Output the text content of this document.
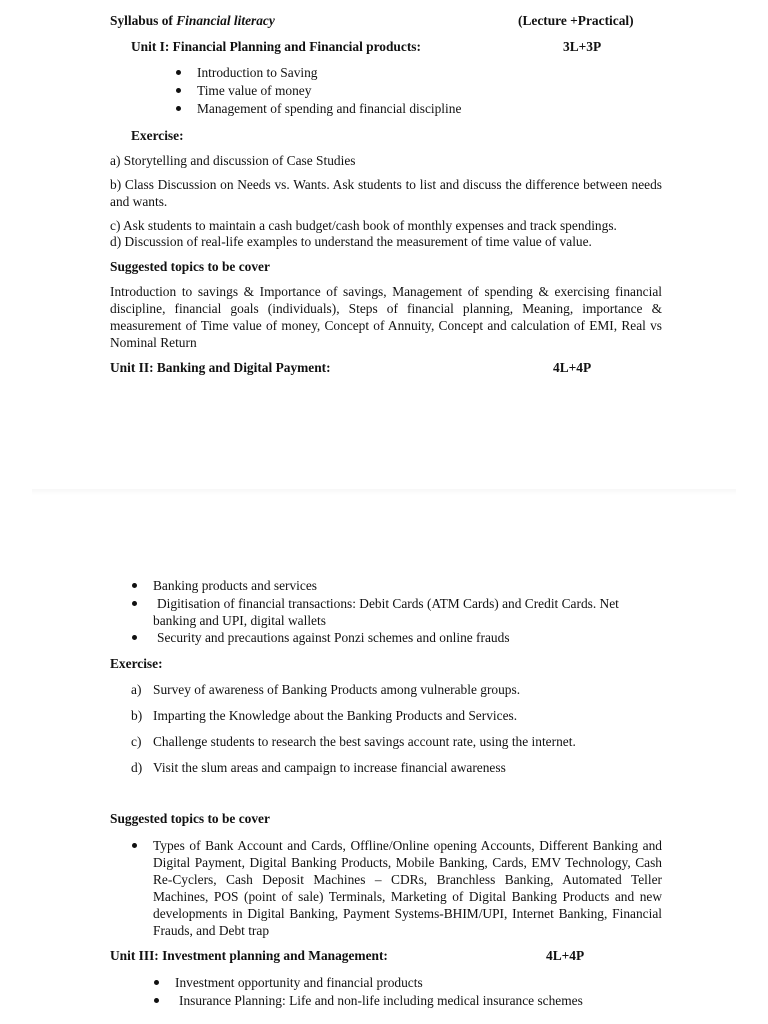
Syllabus of Financial literacy	(Lecture +Practical)
Unit I: Financial Planning and Financial products:	3L+3P
Introduction to Saving
Time value of money
Management of spending and financial discipline
Exercise:
a) Storytelling and discussion of Case Studies
b) Class Discussion on Needs vs. Wants. Ask students to list and discuss the difference between needs and wants.
c) Ask students to maintain a cash budget/cash book of monthly expenses and track spendings.
d) Discussion of real-life examples to understand the measurement of time value of value.
Suggested topics to be cover
Introduction to savings & Importance of savings, Management of spending & exercising financial discipline, financial goals (individuals), Steps of financial planning, Meaning, importance & measurement of Time value of money, Concept of Annuity, Concept and calculation of EMI, Real vs Nominal Return
Unit II: Banking and Digital Payment:	4L+4P
Banking products and services
Digitisation of financial transactions: Debit Cards (ATM Cards) and Credit Cards. Net banking and UPI, digital wallets
Security and precautions against Ponzi schemes and online frauds
Exercise:
a) Survey of awareness of Banking Products among vulnerable groups.
b) Imparting the Knowledge about the Banking Products and Services.
c) Challenge students to research the best savings account rate, using the internet.
d) Visit the slum areas and campaign to increase financial awareness
Suggested topics to be cover
Types of Bank Account and Cards, Offline/Online opening Accounts, Different Banking and Digital Payment, Digital Banking Products, Mobile Banking, Cards, EMV Technology, Cash Re-Cyclers, Cash Deposit Machines – CDRs, Branchless Banking, Automated Teller Machines, POS (point of sale) Terminals, Marketing of Digital Banking Products and new developments in Digital Banking, Payment Systems-BHIM/UPI, Internet Banking, Financial Frauds, and Debt trap
Unit III: Investment planning and Management:	4L+4P
Investment opportunity and financial products
Insurance Planning: Life and non-life including medical insurance schemes
